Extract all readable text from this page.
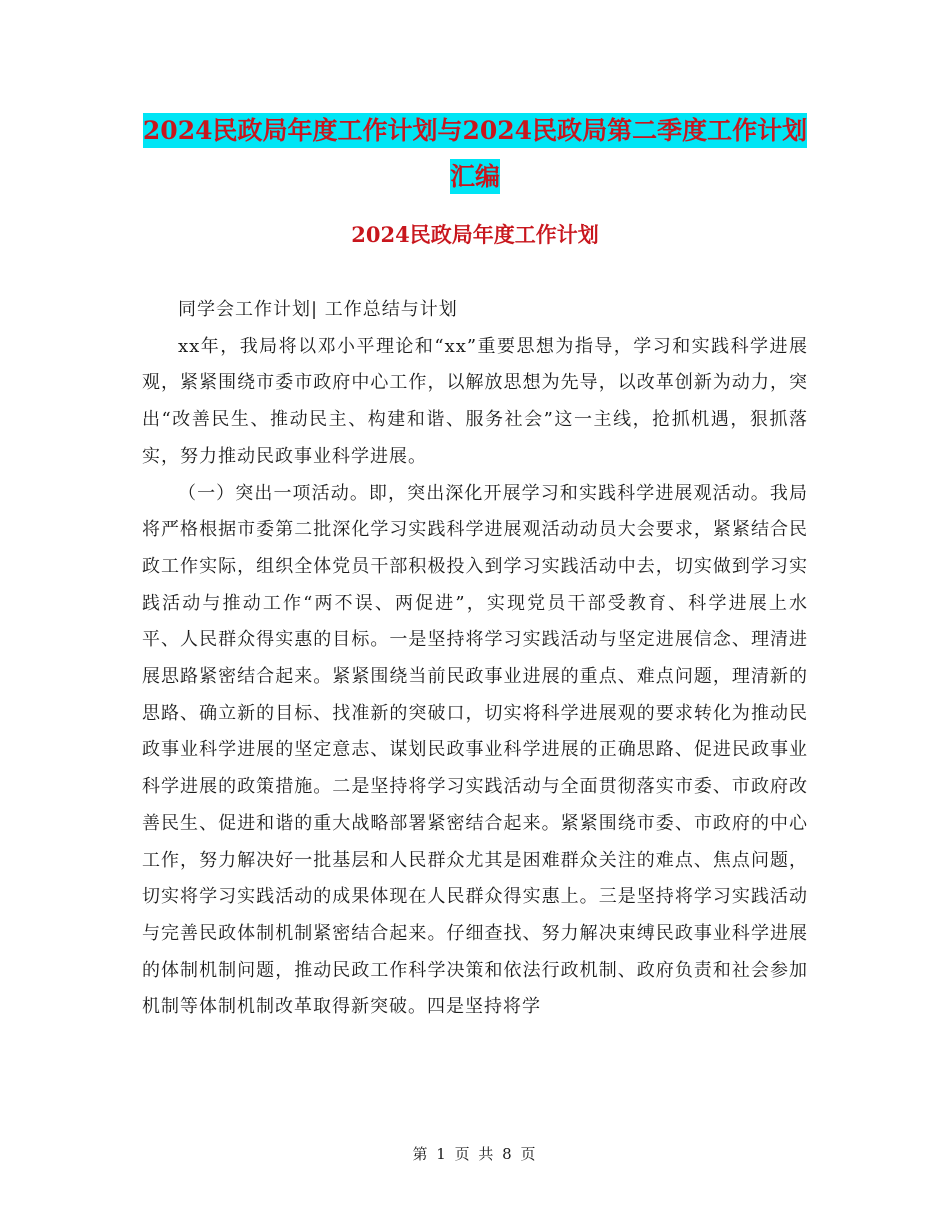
2024民政局年度工作计划与2024民政局第二季度工作计划汇编
2024民政局年度工作计划

同学会工作计划| 工作总结与计划

xx年，我局将以邓小平理论和“xx”重要思想为指导，学习和实践科学进展观，紧紧围绕市委市政府中心工作，以解放思想为先导，以改革创新为动力，突出“改善民生、推动民主、构建和谐、服务社会”这一主线，抢抓机遇，狠抓落实，努力推动民政事业科学进展。

（一）突出一项活动。即，突出深化开展学习和实践科学进展观活动。我局将严格根据市委第二批深化学习实践科学进展观活动动员大会要求，紧紧结合民政工作实际，组织全体党员干部积极投入到学习实践活动中去，切实做到学习实践活动与推动工作“两不误、两促进”，实现党员干部受教育、科学进展上水平、人民群众得实惠的目标。一是坚持将学习实践活动与坚定进展信念、理清进展思路紧密结合起来。紧紧围绕当前民政事业进展的重点、难点问题，理清新的思路、确立新的目标、找准新的突破口，切实将科学进展观的要求转化为推动民政事业科学进展的坚定意志、谋划民政事业科学进展的正确思路、促进民政事业科学进展的政策措施。二是坚持将学习实践活动与全面贯彻落实市委、市政府改善民生、促进和谐的重大战略部署紧密结合起来。紧紧围绕市委、市政府的中心工作，努力解决好一批基层和人民群众尤其是困难群众关注的难点、焦点问题，切实将学习实践活动的成果体现在人民群众得实惠上。三是坚持将学习实践活动与完善民政体制机制紧密结合起来。仔细查找、努力解决束缚民政事业科学进展的体制机制问题，推动民政工作科学决策和依法行政机制、政府负责和社会参加机制等体制机制改革取得新突破。四是坚持将学

第 1 页 共 8 页
